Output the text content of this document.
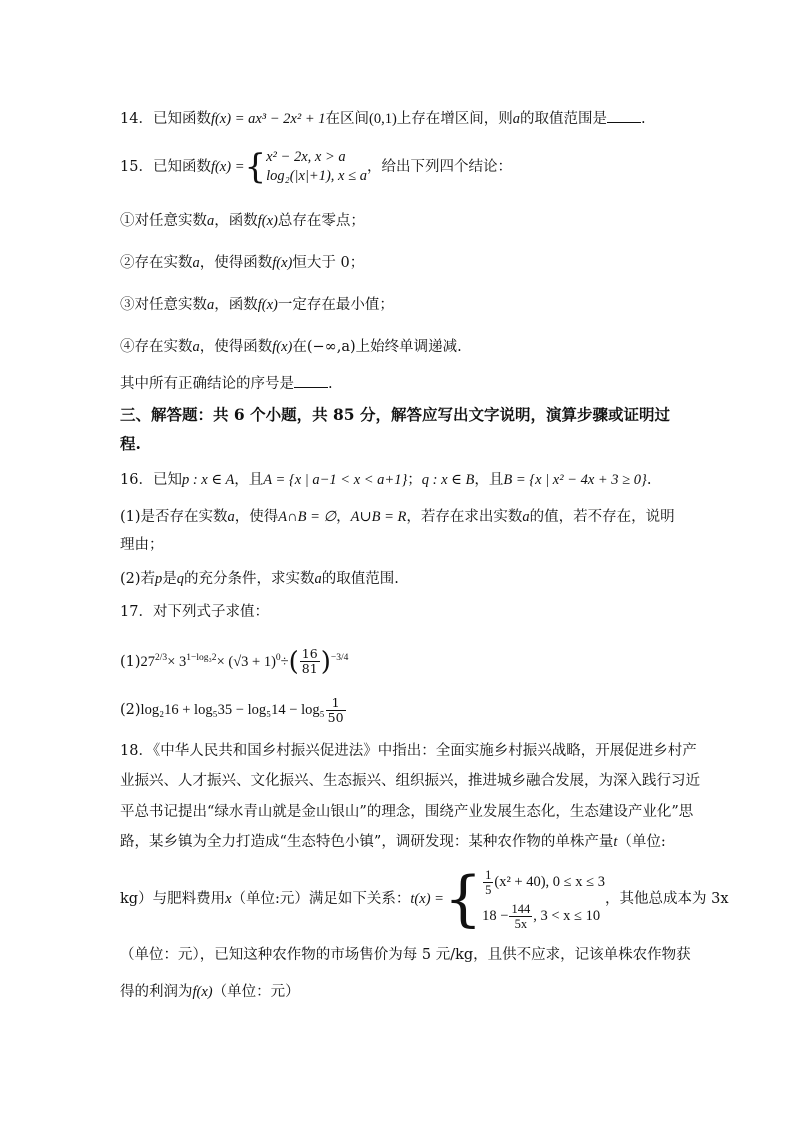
14．已知函数f(x) = ax³ − 2x² + 1在区间(0,1)上存在增区间，则a的取值范围是 .
15．已知函数f(x) ={ x² − 2x, x > a
log₂(|x|+1), x ≤ a
，给出下列四个结论：
①对任意实数a，函数f(x)总存在零点；
②存在实数a，使得函数f(x)恒大于 0；
③对任意实数a，函数f(x)一定存在最小值；
④存在实数a，使得函数f(x)在(−∞,a)上始终单调递减.
其中所有正确结论的序号是 .
三、解答题：共 6 个小题，共 85 分，解答应写出文字说明，演算步骤或证明过
程.
16．已知p : x ∈ A，且A = {x | a−1 < x < a+1}；q : x ∈ B，且B = {x | x² − 4x + 3 ≥ 0}.
(1)是否存在实数a，使得A∩B = ∅，A∪B = R，若存在求出实数a的值，若不存在，说明
理由；
(2)若p是q的充分条件，求实数a的取值范围.
17．对下列式子求值：
$(1)27^{2/3}\times 3^{1-log_32}\times (√3 + 1)^0\div( \frac{16}{81} )^{-3/4}$
$(2)\log_216 + \log_535 - \log_514 - \log_5 \frac{1}{50}$
18．《中华人民共和国乡村振兴促进法》中指出：全面实施乡村振兴战略，开展促进乡村产
业振兴、人才振兴、文化振兴、生态振兴、组织振兴，推进城乡融合发展，为深入践行习近
平总书记提出“绿水青山就是金山银山”的理念，围绕产业发展生态化，生态建设产业化”思
路，某乡镇为全力打造成“生态特色小镇”，调研发现：某种农作物的单株产量t（单位:
kg）与肥料费用x（单位:元）满足如下关系：t(x) ={ $\frac{1}{5} (x^2 + 40)$, 0 ≤ x ≤ 3
$18 - \frac{144}{5x}$ , 3 < x ≤ 10
，其他总成本为 3x
（单位：元），已知这种农作物的市场售价为每 5 元/kg，且供不应求，记该单株农作物获
得的利润为f(x)（单位：元）
